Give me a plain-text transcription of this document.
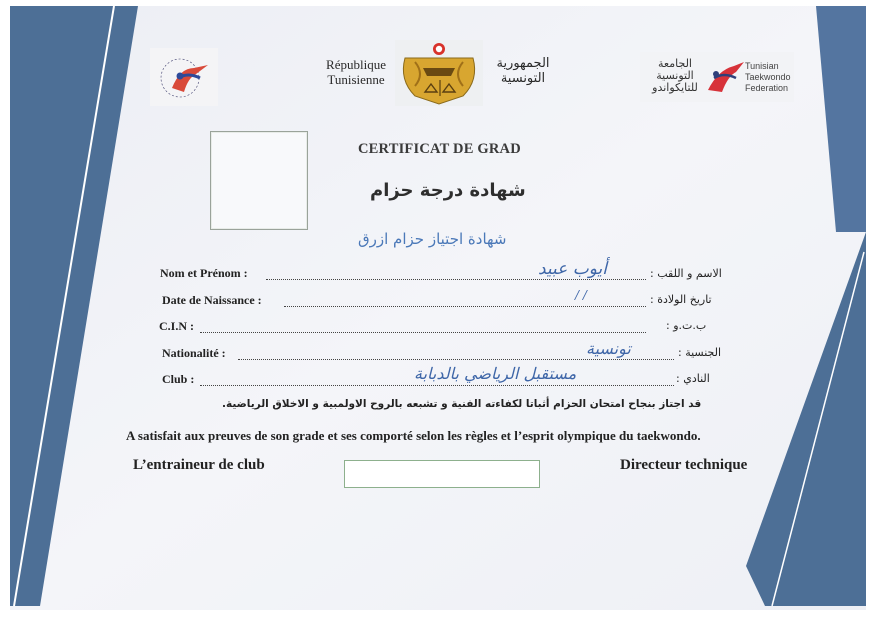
République
Tunisienne
الجمهورية
التونسية
الجامعة
التونسية
للتايكواندو
Tunisian
Taekwondo
Federation
CERTIFICAT DE GRAD
شهادة درجة حزام
شهادة اجتياز حزام ازرق
Nom et Prénom :	أيوب عبيد	الاسم و اللقب :
Date de Naissance :	/ /	تاريخ الولادة :
C.I.N :	ب.ت.و :
Nationalité :	تونسية	الجنسية :
Club :	مستقبل الرياضي بالدبابة	النادي :
قد اجتاز بنجاح امتحان الحزام أثباتا لكفاءته الفنية و تشبعه بالروح الاولمبية و الاخلاق الرياضية.
A satisfait aux preuves de son grade et ses comporté selon les règles et l’esprit olympique du taekwondo.
L’entraineur de club	Directeur technique
